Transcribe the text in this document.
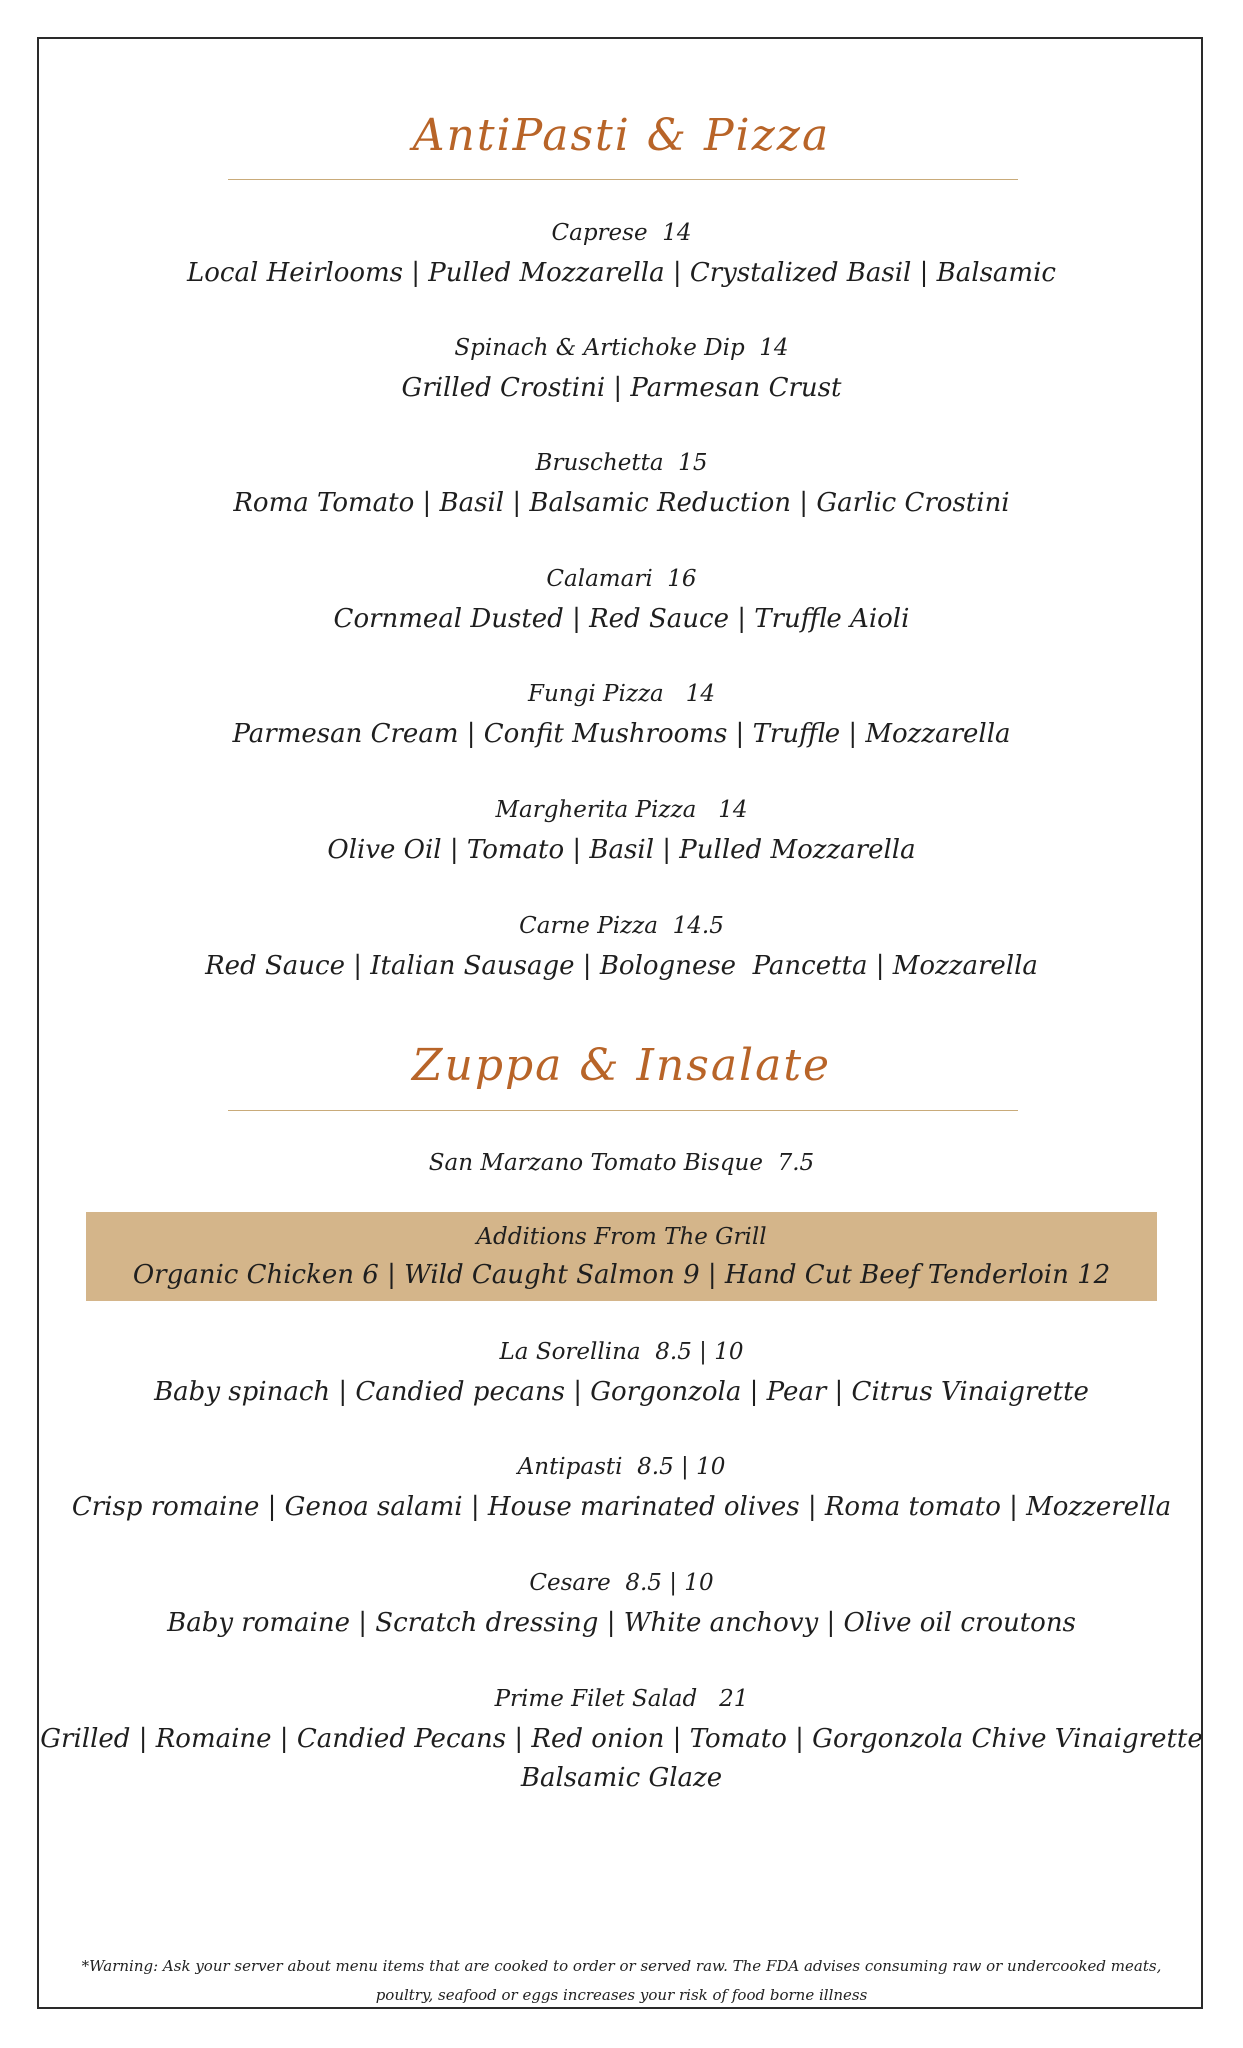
AntiPasti & Pizza
Caprese  14
Local Heirlooms | Pulled Mozzarella | Crystalized Basil | Balsamic
Spinach & Artichoke Dip  14
Grilled Crostini | Parmesan Crust
Bruschetta  15
Roma Tomato | Basil | Balsamic Reduction | Garlic Crostini
Calamari  16
Cornmeal Dusted | Red Sauce | Truffle Aioli
Fungi Pizza   14
Parmesan Cream | Confit Mushrooms | Truffle | Mozzarella
Margherita Pizza   14
Olive Oil | Tomato | Basil | Pulled Mozzarella
Carne Pizza  14.5
Red Sauce | Italian Sausage | Bolognese  Pancetta | Mozzarella
Zuppa & Insalate
San Marzano Tomato Bisque  7.5
Additions From The Grill
Organic Chicken 6 | Wild Caught Salmon 9 | Hand Cut Beef Tenderloin 12
La Sorellina  8.5 | 10
Baby spinach | Candied pecans | Gorgonzola | Pear | Citrus Vinaigrette
Antipasti  8.5 | 10
Crisp romaine | Genoa salami | House marinated olives | Roma tomato | Mozzerella
Cesare  8.5 | 10
Baby romaine | Scratch dressing | White anchovy | Olive oil croutons
Prime Filet Salad   21
Grilled | Romaine | Candied Pecans | Red onion | Tomato | Gorgonzola Chive Vinaigrette
Balsamic Glaze
*Warning: Ask your server about menu items that are cooked to order or served raw. The FDA advises consuming raw or undercooked meats,
poultry, seafood or eggs increases your risk of food borne illness
